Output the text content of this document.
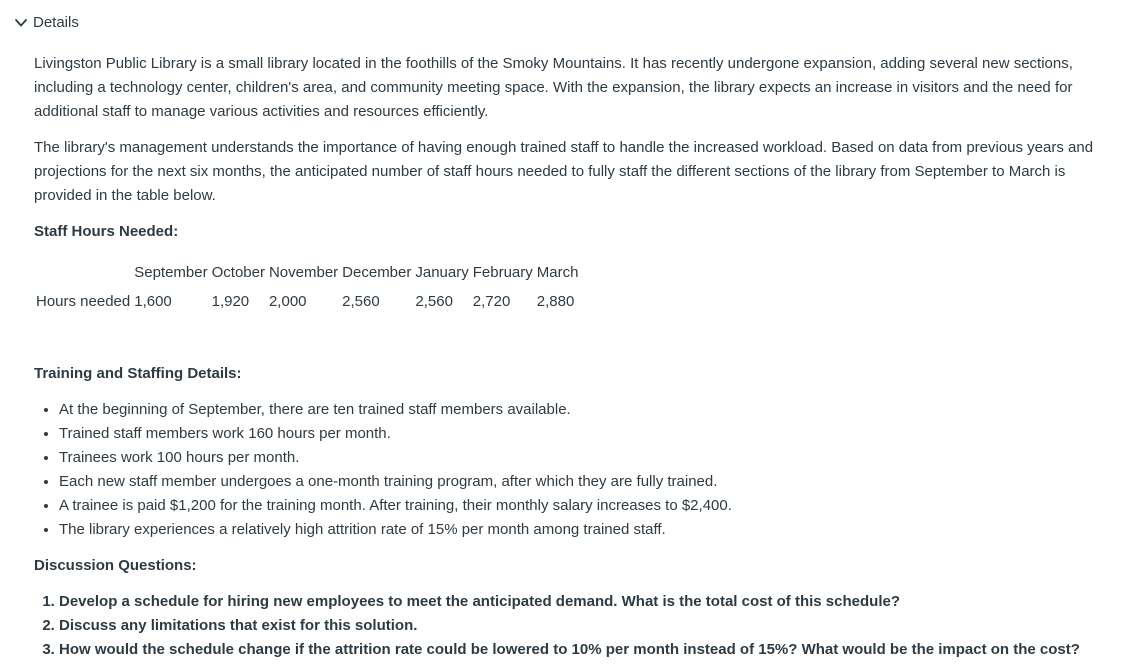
Details

Livingston Public Library is a small library located in the foothills of the Smoky Mountains. It has recently undergone expansion, adding several new sections, including a technology center, children's area, and community meeting space. With the expansion, the library expects an increase in visitors and the need for additional staff to manage various activities and resources efficiently.

The library's management understands the importance of having enough trained staff to handle the increased workload. Based on data from previous years and projections for the next six months, the anticipated number of staff hours needed to fully staff the different sections of the library from September to March is provided in the table below.

Staff Hours Needed:

	September	October	November	December	January	February	March
Hours needed	1,600	1,920	2,000	2,560	2,560	2,720	2,880

Training and Staffing Details:

• At the beginning of September, there are ten trained staff members available.
• Trained staff members work 160 hours per month.
• Trainees work 100 hours per month.
• Each new staff member undergoes a one-month training program, after which they are fully trained.
• A trainee is paid $1,200 for the training month. After training, their monthly salary increases to $2,400.
• The library experiences a relatively high attrition rate of 15% per month among trained staff.

Discussion Questions:

1. Develop a schedule for hiring new employees to meet the anticipated demand. What is the total cost of this schedule?
2. Discuss any limitations that exist for this solution.
3. How would the schedule change if the attrition rate could be lowered to 10% per month instead of 15%? What would be the impact on the cost?
